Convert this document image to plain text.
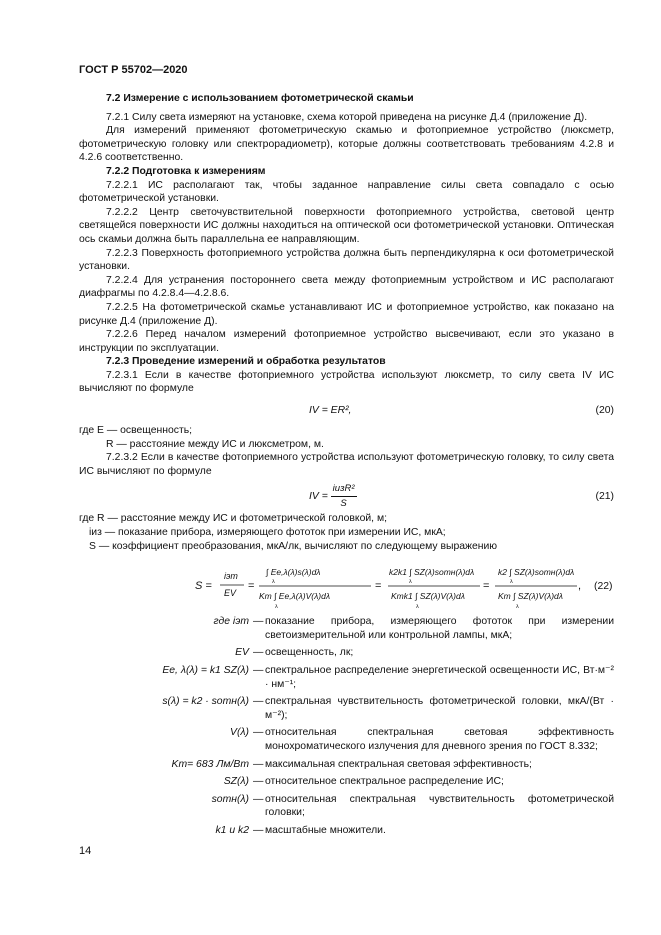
ГОСТ Р 55702—2020

7.2 Измерение с использованием фотометрической скамьи

7.2.1 Силу света измеряют на установке, схема которой приведена на рисунке Д.4 (приложение Д).

Для измерений применяют фотометрическую скамью и фотоприемное устройство (люксметр, фотометрическую головку или спектрорадиометр), которые должны соответствовать требованиям 4.2.8 и 4.2.6 соответственно.

7.2.2 Подготовка к измерениям

7.2.2.1 ИС располагают так, чтобы заданное направление силы света совпадало с осью фотометрической установки.

7.2.2.2 Центр светочувствительной поверхности фотоприемного устройства, световой центр светящейся поверхности ИС должны находиться на оптической оси фотометрической установки. Оптическая ось скамьи должна быть параллельна ее направляющим.

7.2.2.3 Поверхность фотоприемного устройства должна быть перпендикулярна к оси фотометрической установки.

7.2.2.4 Для устранения постороннего света между фотоприемным устройством и ИС располагают диафрагмы по 4.2.8.4—4.2.8.6.

7.2.2.5 На фотометрической скамье устанавливают ИС и фотоприемное устройство, как показано на рисунке Д.4 (приложение Д).

7.2.2.6 Перед началом измерений фотоприемное устройство высвечивают, если это указано в инструкции по эксплуатации.

7.2.3 Проведение измерений и обработка результатов

7.2.3.1 Если в качестве фотоприемного устройства используют люксметр, то силу света IV ИС вычисляют по формуле

IV = ER²,	(20)

где E — освещенность;

R — расстояние между ИС и люксметром, м.

7.2.3.2 Если в качестве фотоприемного устройства используют фотометрическую головку, то силу света ИС вычисляют по формуле

IV = $\frac{\text{iизR²}}{S}$	(21)

где R — расстояние между ИС и фотометрической головкой, м;

iиз — показание прибора, измеряющего фототок при измерении ИС, мкА;

S — коэффициент преобразования, мкА/лк, вычисляют по следующему выражению

S =
iэт
EV
=
∫ Ee,λ(λ)s(λ)dλ
λ
Km ∫ Ee,λ(λ)V(λ)dλ
λ
=
k2k1 ∫ SZ(λ)sотн(λ)dλ
λ
Kmk1 ∫ SZ(λ)V(λ)dλ
λ
=
k2 ∫ SZ(λ)sотн(λ)dλ
λ
Km ∫ SZ(λ)V(λ)dλ
λ
, (22)
где iэт — показание прибора, измеряющего фототок при измерении светоизмерительной или контрольной лампы, мкА;
EV — освещенность, лк;
Ee, λ(λ) = k1 SZ(λ) — спектральное распределение энергетической освещенности ИС, Вт·м⁻² · нм⁻¹;
s(λ) = k2 · sотн(λ) — спектральная чувствительность фотометрической головки, мкА/(Вт · м⁻²);
V(λ) — относительная спектральная световая эффективность монохроматического излучения для дневного зрения по ГОСТ 8.332;
Km= 683 Лм/Вт — максимальная спектральная световая эффективность;
SZ(λ) — относительное спектральное распределение ИС;
sотн(λ) — относительная спектральная чувствительность фотометрической головки;
k1 и k2 — масштабные множители.
14
